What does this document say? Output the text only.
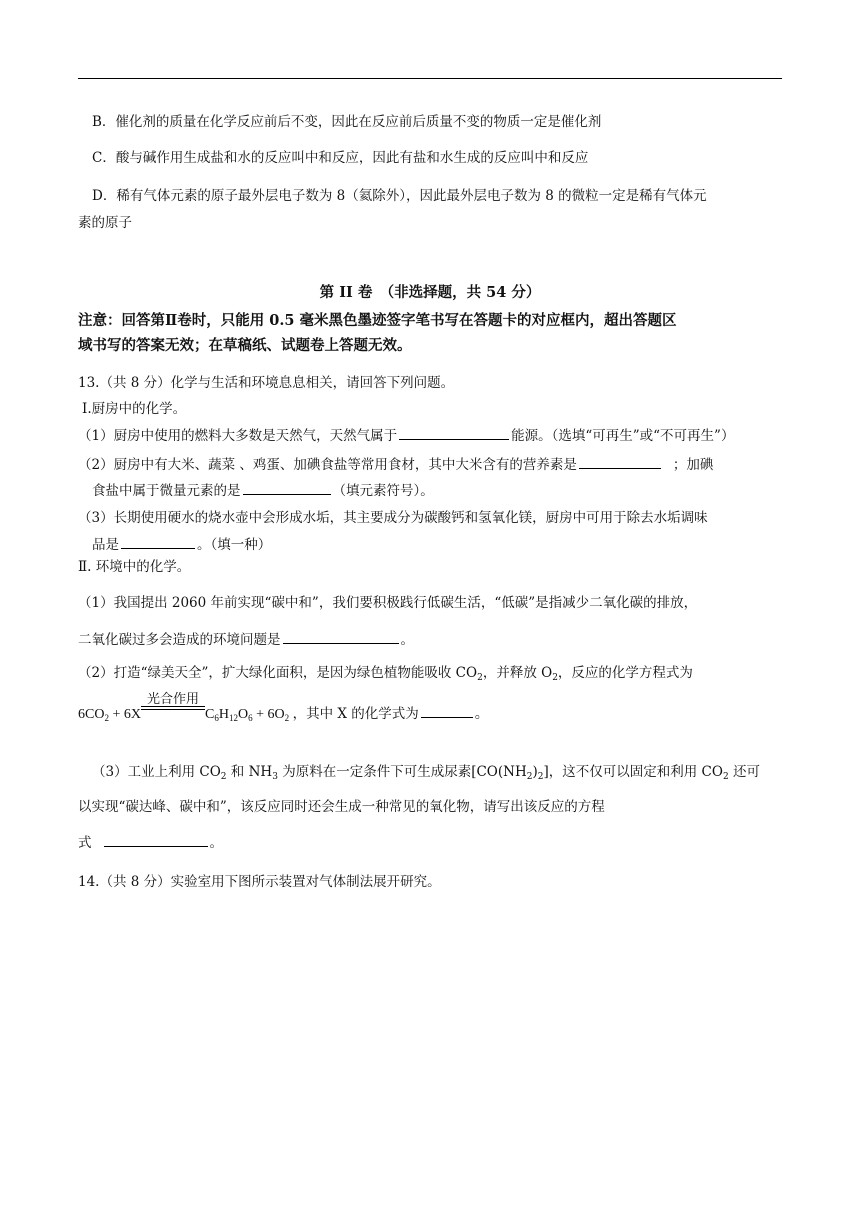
B．催化剂的质量在化学反应前后不变，因此在反应前后质量不变的物质一定是催化剂
C．酸与碱作用生成盐和水的反应叫中和反应，因此有盐和水生成的反应叫中和反应
D．稀有气体元素的原子最外层电子数为 8（氦除外），因此最外层电子数为 8 的微粒一定是稀有气体元
素的原子
第 II 卷　（非选择题，共 54 分）
注意：回答第Ⅱ卷时，只能用 0.5 毫米黑色墨迹签字笔书写在答题卡的对应框内，超出答题区
域书写的答案无效；在草稿纸、试题卷上答题无效。
13.（共 8 分）化学与生活和环境息息相关，请回答下列问题。
I.厨房中的化学。
（1）厨房中使用的燃料大多数是天然气，天然气属于	能源。（选填“可再生”或“不可再生”）
（2）厨房中有大米、蔬菜 、鸡蛋、加碘食盐等常用食材，其中大米含有的营养素是	；加碘
食盐中属于微量元素的是	（填元素符号）。
（3）长期使用硬水的烧水壶中会形成水垢，其主要成分为碳酸钙和氢氧化镁，厨房中可用于除去水垢调味
品是	。（填一种）
Ⅱ. 环境中的化学。
（1）我国提出 2060 年前实现“碳中和”，我们要积极践行低碳生活，“低碳”是指减少二氧化碳的排放，
二氧化碳过多会造成的环境问题是	。
（2）打造“绿美天全”，扩大绿化面积，是因为绿色植物能吸收 $CO_2$，并释放 $O_2$，反应的化学方程式为
$6CO_2 + 6X$
光合作用
$C_6H_{12}O_6 + 6O_2$ ，其中 X 的化学式为	。
（3）工业上利用 $CO_2$ 和 $NH_3$ 为原料在一定条件下可生成尿素$[CO(NH_2)_2]$，这不仅可以固定和利用 $CO_2$ 还可
以实现“碳达峰、碳中和”，该反应同时还会生成一种常见的氧化物，请写出该反应的方程
式	。
14.（共 8 分）实验室用下图所示装置对气体制法展开研究。
